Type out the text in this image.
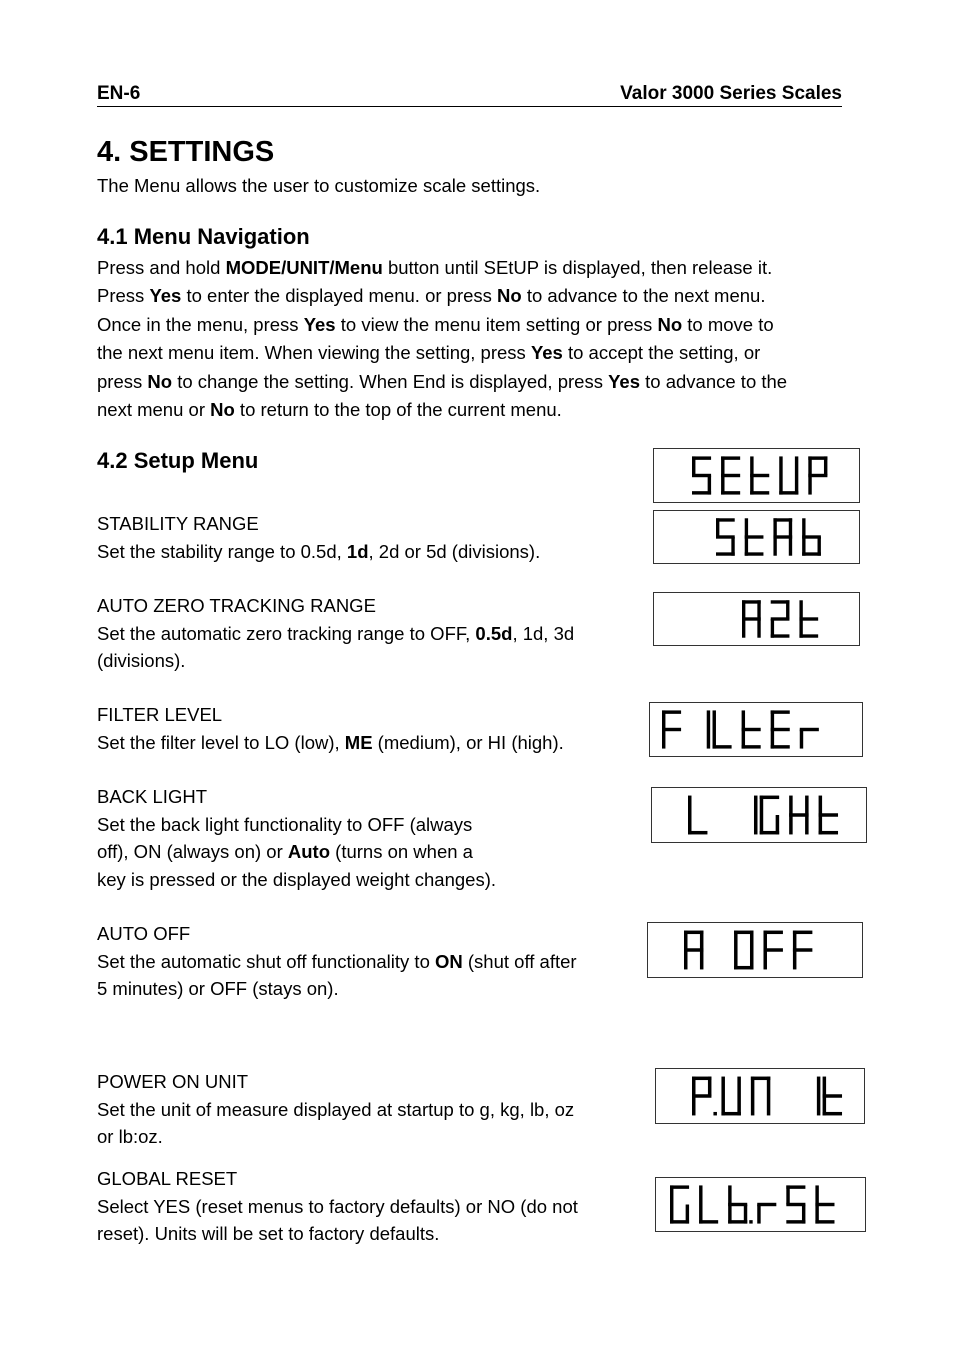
EN-6	Valor 3000 Series Scales
4. SETTINGS
The Menu allows the user to customize scale settings.
4.1 Menu Navigation
Press and hold MODE/UNIT/Menu button until SEtUP is displayed, then release it.
Press Yes to enter the displayed menu. or press No to advance to the next menu.
Once in the menu, press Yes to view the menu item setting or press No to move to
the next menu item. When viewing the setting, press Yes to accept the setting, or
press No to change the setting. When End is displayed, press Yes to advance to the
next menu or No to return to the top of the current menu.
4.2 Setup Menu
STABILITY RANGE
Set the stability range to 0.5d, 1d, 2d or 5d (divisions).
AUTO ZERO TRACKING RANGE
Set the automatic zero tracking range to OFF, 0.5d, 1d, 3d
(divisions).
FILTER LEVEL
Set the filter level to LO (low), ME (medium), or HI (high).
BACK LIGHT
Set the back light functionality to OFF (always
off), ON (always on) or Auto (turns on when a
key is pressed or the displayed weight changes).
AUTO OFF
Set the automatic shut off functionality to ON (shut off after
5 minutes) or OFF (stays on).
POWER ON UNIT
Set the unit of measure displayed at startup to g, kg, lb, oz
or lb:oz.
GLOBAL RESET
Select YES (reset menus to factory defaults) or NO (do not
reset). Units will be set to factory defaults.
